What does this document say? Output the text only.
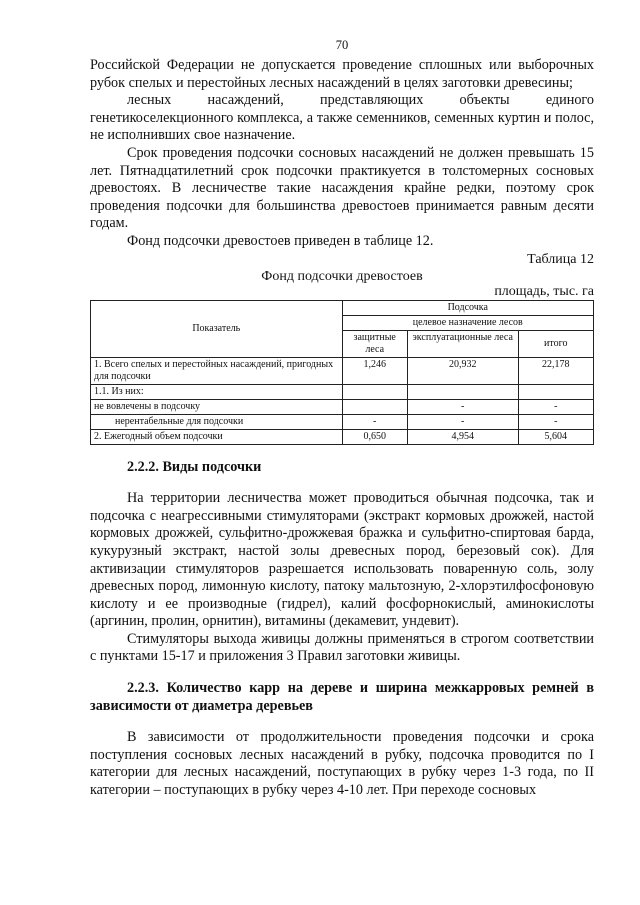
70

Российской Федерации не допускается проведение сплошных или выборочных рубок спелых и перестойных лесных насаждений в целях заготовки древесины;

лесных насаждений, представляющих объекты единого генетикоселекционного комплекса, а также семенников, семенных куртин и полос, не исполнивших свое назначение.

Срок проведения подсочки сосновых насаждений не должен превышать 15 лет. Пятнадцатилетний срок подсочки практикуется в толстомерных сосновых древостоях. В лесничестве такие насаждения крайне редки, поэтому срок проведения подсочки для большинства древостоев принимается равным десяти годам.

Фонд подсочки древостоев приведен в таблице 12.

Таблица 12
Фонд подсочки древостоев
площадь, тыс. га
Показатель	Подсочка		
	целевое назначение лесов		
	защитные леса	эксплуатационные леса	итого
1. Всего спелых и перестойных насаждений, пригодных для подсочки	1,246	20,932	22,178
1.1. Из них:			
не вовлечены в подсочку		-	-
нерентабельные для подсочки	-	-	-
2. Ежегодный объем подсочки	0,650	4,954	5,604
2.2.2. Виды подсочки

На территории лесничества может проводиться обычная подсочка, так и подсочка с неагрессивными стимуляторами (экстракт кормовых дрожжей, настой кормовых дрожжей, сульфитно-дрожжевая бражка и сульфитно-спиртовая барда, кукурузный экстракт, настой золы древесных пород, березовый сок). Для активизации стимуляторов разрешается использовать поваренную соль, золу древесных пород, лимонную кислоту, патоку мальтозную, 2-хлорэтилфосфоновую кислоту и ее производные (гидрел), калий фосфорнокислый, аминокислоты (аргинин, пролин, орнитин), витамины (декамевит, ундевит).

Стимуляторы выхода живицы должны применяться в строгом соответствии с пунктами 15-17 и приложения 3 Правил заготовки живицы.

2.2.3. Количество карр на дереве и ширина межкарровых ремней в зависимости от диаметра деревьев

В зависимости от продолжительности проведения подсочки и срока поступления сосновых лесных насаждений в рубку, подсочка проводится по I категории для лесных насаждений, поступающих в рубку через 1-3 года, по II категории – поступающих в рубку через 4-10 лет. При переходе сосновых
